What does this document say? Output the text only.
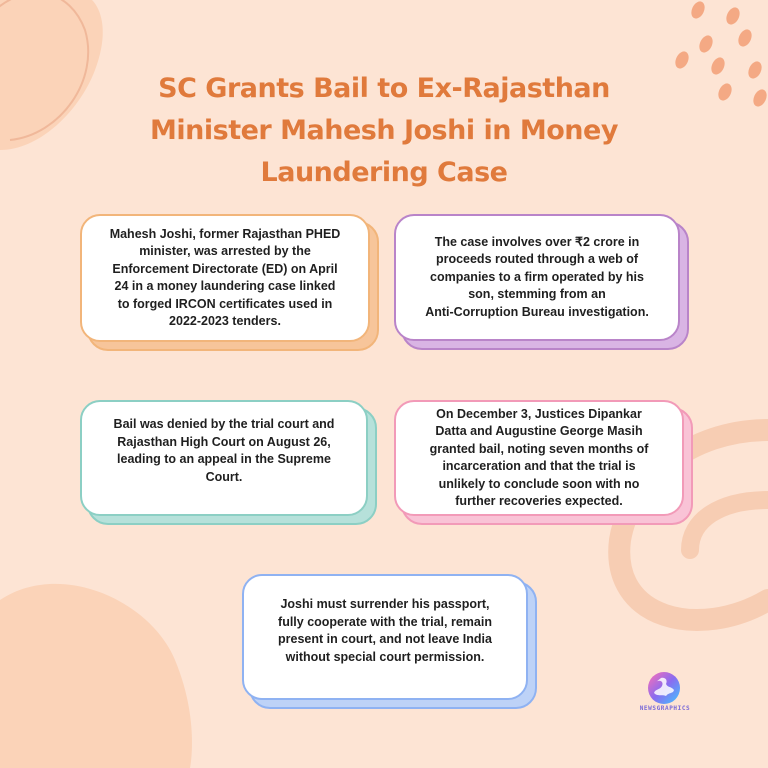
SC Grants Bail to Ex-Rajasthan
Minister Mahesh Joshi in Money
Laundering Case
Mahesh Joshi, former Rajasthan PHED
minister, was arrested by the
Enforcement Directorate (ED) on April
24 in a money laundering case linked
to forged IRCON certificates used in
2022-2023 tenders.
The case involves over ₹2 crore in
proceeds routed through a web of
companies to a firm operated by his
son, stemming from an
Anti-Corruption Bureau investigation.
Bail was denied by the trial court and
Rajasthan High Court on August 26,
leading to an appeal in the Supreme
Court.
On December 3, Justices Dipankar
Datta and Augustine George Masih
granted bail, noting seven months of
incarceration and that the trial is
unlikely to conclude soon with no
further recoveries expected.
Joshi must surrender his passport,
fully cooperate with the trial, remain
present in court, and not leave India
without special court permission.
NEWSGRAPHICS
